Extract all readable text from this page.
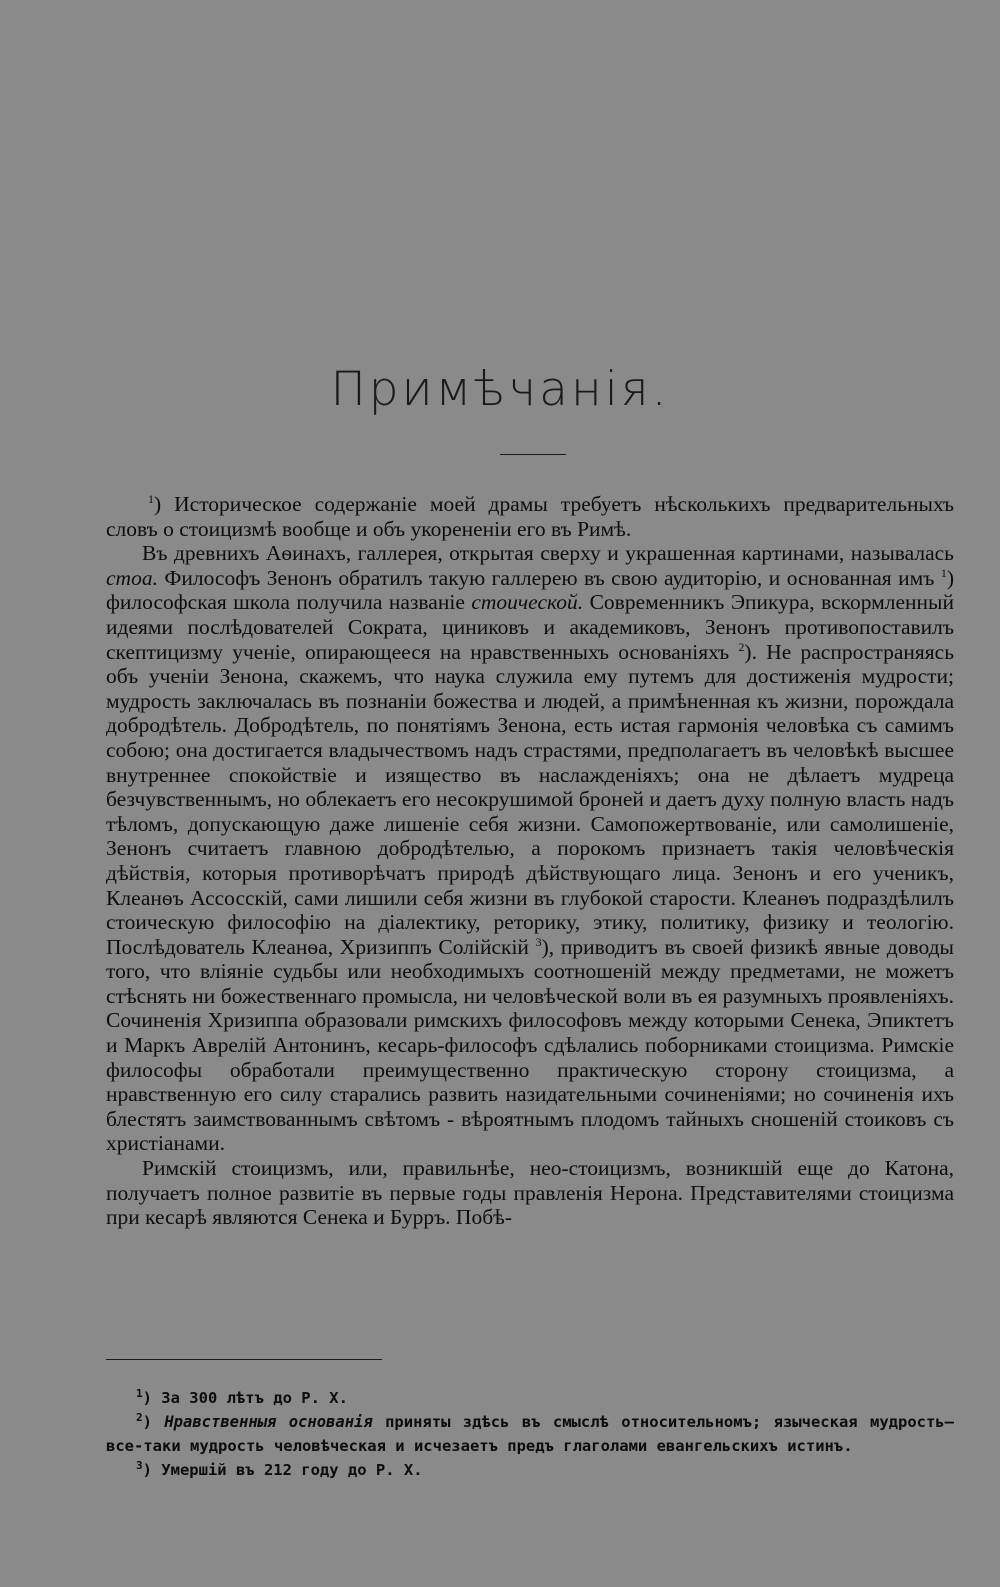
Примѣчанія.

$^1$) Историческое содержаніе моей драмы требуетъ нѣсколькихъ предварительныхъ словъ о стоицизмѣ вообще и объ укорененіи его въ Римѣ.

Въ древнихъ Аѳинахъ, галлерея, открытая сверху и украшенная картинами, называлась стоа. Философъ Зенонъ обратилъ такую галлерею въ свою аудиторію, и основанная имъ $^1$) философская школа получила названіе стоической. Современникъ Эпикура, вскормленный идеями послѣдователей Сократа, циниковъ и академиковъ, Зенонъ противопоставилъ скептицизму ученіе, опирающееся на нравственныхъ основаніяхъ $^2$). Не распространяясь объ ученіи Зенона, скажемъ, что наука служила ему путемъ для достиженія мудрости; мудрость заключалась въ познаніи божества и людей, а примѣненная къ жизни, порождала добродѣтель. Добродѣтель, по понятіямъ Зенона, есть истая гармонія человѣка съ самимъ собою; она достигается владычествомъ надъ страстями, предполагаетъ въ человѣкѣ высшее внутреннее спокойствіе и изящество въ наслажденіяхъ; она не дѣлаетъ мудреца безчувственнымъ, но облекаетъ его несокрушимой броней и даетъ духу полную власть надъ тѣломъ, допускающую даже лишеніе себя жизни. Самопожертвованіе, или самолишеніе, Зенонъ считаетъ главною добродѣтелью, а порокомъ признаетъ такія человѣческія дѣйствія, которыя противорѣчатъ природѣ дѣйствующаго лица. Зенонъ и его ученикъ, Клеанѳъ Ассосскій, сами лишили себя жизни въ глубокой старости. Клеанѳъ подраздѣлилъ стоическую философію на діалектику, реторику, этику, политику, физику и теологію. Послѣдователь Клеанѳа, Хризиппъ Солійскій $^3$), приводитъ въ своей физикѣ явные доводы того, что вліяніе судьбы или необходимыхъ соотношеній между предметами, не можетъ стѣснять ни божественнаго промысла, ни человѣческой воли въ ея разумныхъ проявленіяхъ. Сочиненія Хризиппа образовали римскихъ философовъ между которыми Сенека, Эпиктетъ и Маркъ Аврелій Антонинъ, кесарь-философъ сдѣлались поборниками стоицизма. Римскіе философы обработали преимущественно практическую сторону стоицизма, а нравственную его силу старались развить назидательными сочиненіями; но сочиненія ихъ блестятъ заимствованнымъ свѣтомъ - вѣроятнымъ плодомъ тайныхъ сношеній стоиковъ съ христіанами.

Римскій стоицизмъ, или, правильнѣе, нео-стоицизмъ, возникшій еще до Катона, получаетъ полное развитіе въ первые годы правленія Нерона. Представителями стоицизма при кесарѣ являются Сенека и Бурръ. Побѣ-

$^1$) За 300 лѣтъ до Р. Х.

$^2$) Нравственныя основанія приняты здѣсь въ смыслѣ относительномъ; языческая мудрость—все-таки мудрость человѣческая и исчезаетъ предъ глаголами евангельскихъ истинъ.

$^3$) Умершій въ 212 году до Р. Х.
